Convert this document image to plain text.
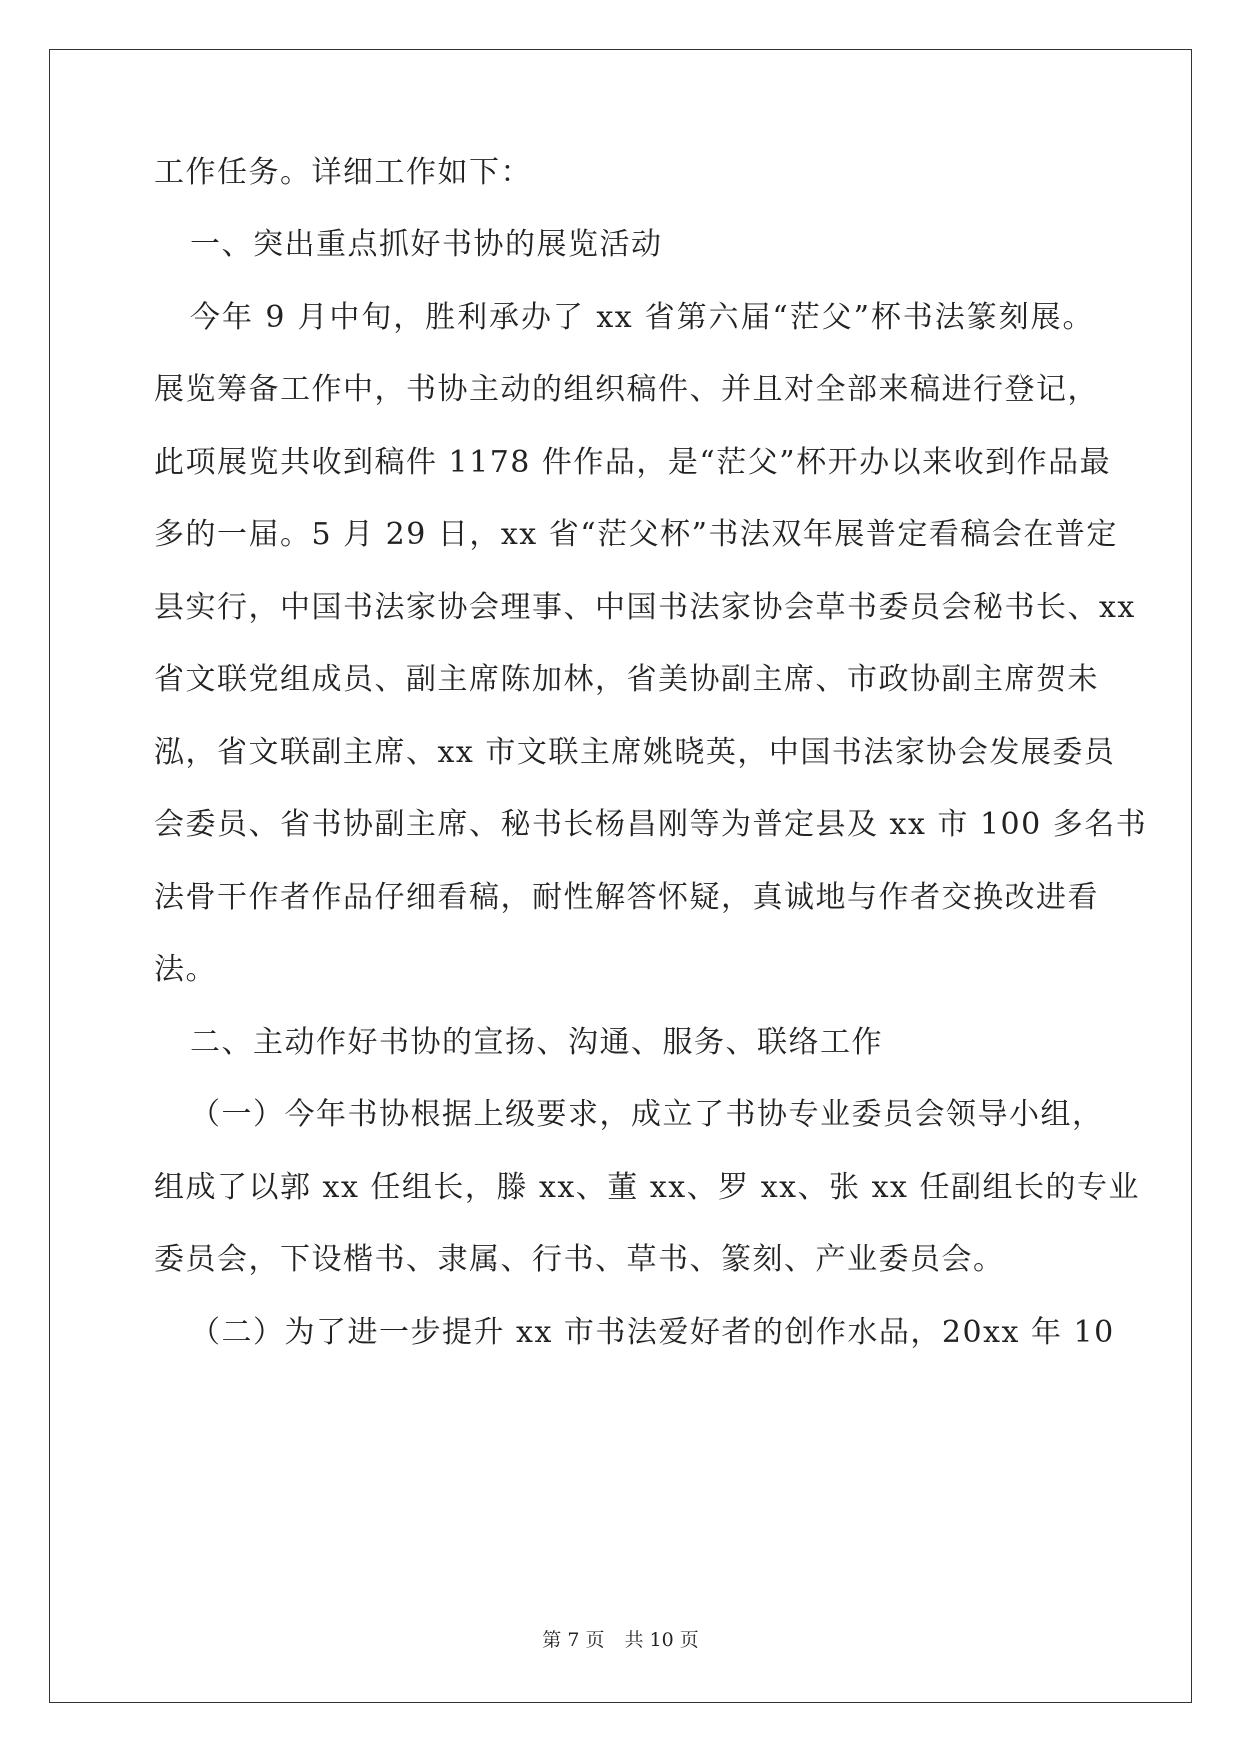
工作任务。详细工作如下：

一、突出重点抓好书协的展览活动

今年 9 月中旬，胜利承办了 xx 省第六届“茫父”杯书法篆刻展。

展览筹备工作中，书协主动的组织稿件、并且对全部来稿进行登记，

此项展览共收到稿件 1178 件作品，是“茫父”杯开办以来收到作品最

多的一届。5 月 29 日，xx 省“茫父杯”书法双年展普定看稿会在普定

县实行，中国书法家协会理事、中国书法家协会草书委员会秘书长、xx

省文联党组成员、副主席陈加林，省美协副主席、市政协副主席贺未

泓，省文联副主席、xx 市文联主席姚晓英，中国书法家协会发展委员

会委员、省书协副主席、秘书长杨昌刚等为普定县及 xx 市 100 多名书

法骨干作者作品仔细看稿，耐性解答怀疑，真诚地与作者交换改进看

法。

二、主动作好书协的宣扬、沟通、服务、联络工作

（一）今年书协根据上级要求，成立了书协专业委员会领导小组，

组成了以郭 xx 任组长，滕 xx、董 xx、罗 xx、张 xx 任副组长的专业

委员会，下设楷书、隶属、行书、草书、篆刻、产业委员会。

（二）为了进一步提升 xx 市书法爱好者的创作水品，20xx 年 10

第 7 页 共 10 页
